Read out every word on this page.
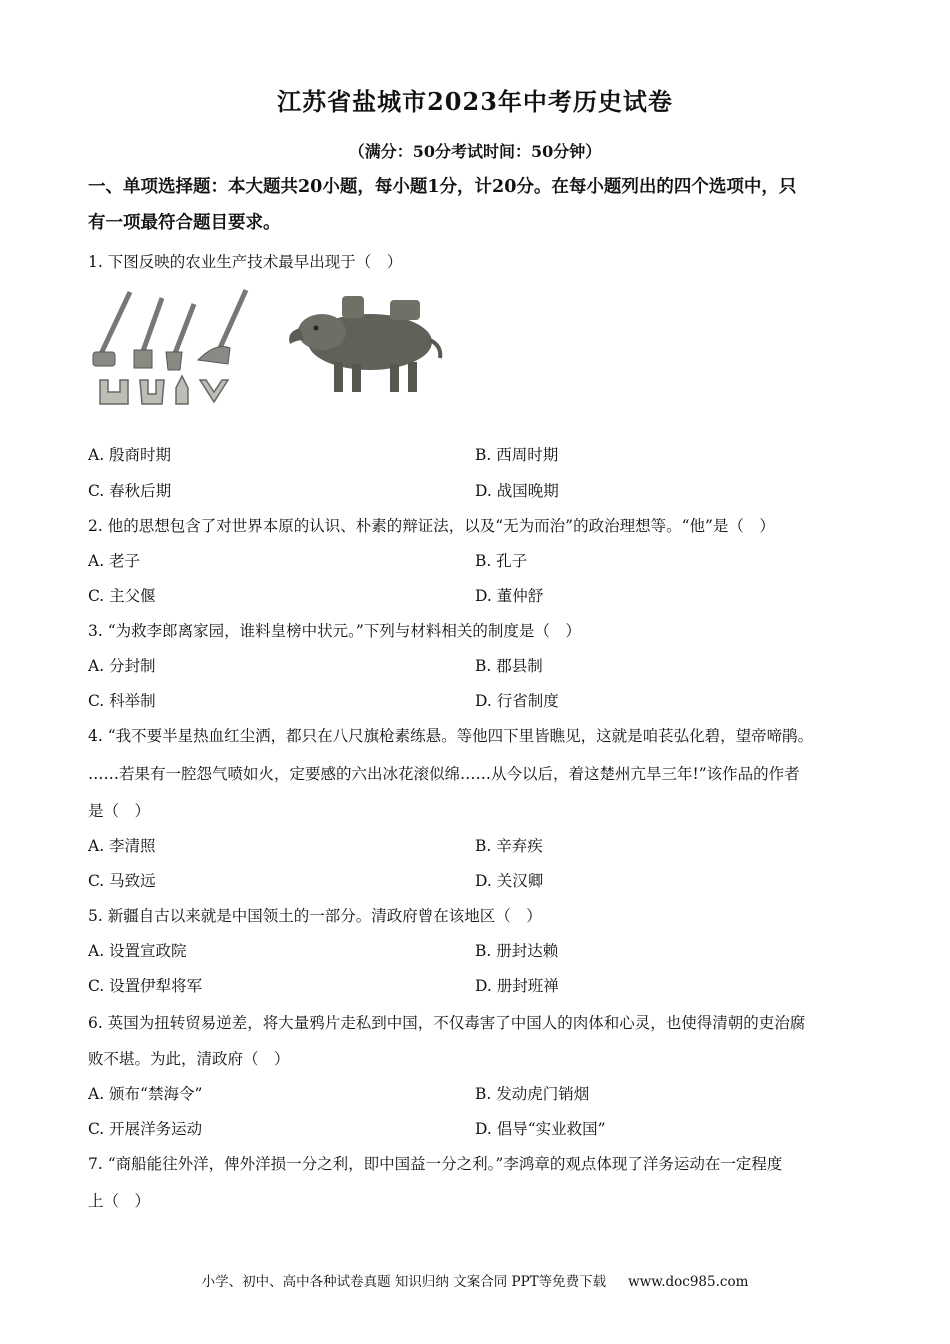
江苏省盐城市2023年中考历史试卷
（满分：50分考试时间：50分钟）
一、单项选择题：本大题共20小题，每小题1分，计20分。在每小题列出的四个选项中，只
有一项最符合题目要求。
1. 下图反映的农业生产技术最早出现于（　）
A. 殷商时期	B. 西周时期
C. 春秋后期	D. 战国晚期
2. 他的思想包含了对世界本原的认识、朴素的辩证法，以及“无为而治”的政治理想等。“他”是（　）
A. 老子	B. 孔子
C. 主父偃	D. 董仲舒
3. “为救李郎离家园，谁料皇榜中状元。”下列与材料相关的制度是（　）
A. 分封制	B. 郡县制
C. 科举制	D. 行省制度
4. “我不要半星热血红尘洒，都只在八尺旗枪素练悬。等他四下里皆瞧见，这就是咱苌弘化碧，望帝啼鹃。
……若果有一腔怨气喷如火，定要感的六出冰花滚似绵……从今以后，着这楚州亢旱三年!”该作品的作者
是（　）
A. 李清照	B. 辛弃疾
C. 马致远	D. 关汉卿
5. 新疆自古以来就是中国领土的一部分。清政府曾在该地区（　）
A. 设置宣政院	B. 册封达赖
C. 设置伊犁将军	D. 册封班禅
6. 英国为扭转贸易逆差，将大量鸦片走私到中国，不仅毒害了中国人的肉体和心灵，也使得清朝的吏治腐
败不堪。为此，清政府（　）
A. 颁布“禁海令”	B. 发动虎门销烟
C. 开展洋务运动	D. 倡导“实业救国”
7. “商船能往外洋，俾外洋损一分之利，即中国益一分之利。”李鸿章的观点体现了洋务运动在一定程度
上（　）
小学、初中、高中各种试卷真题 知识归纳 文案合同 PPT等免费下载 www.doc985.com
